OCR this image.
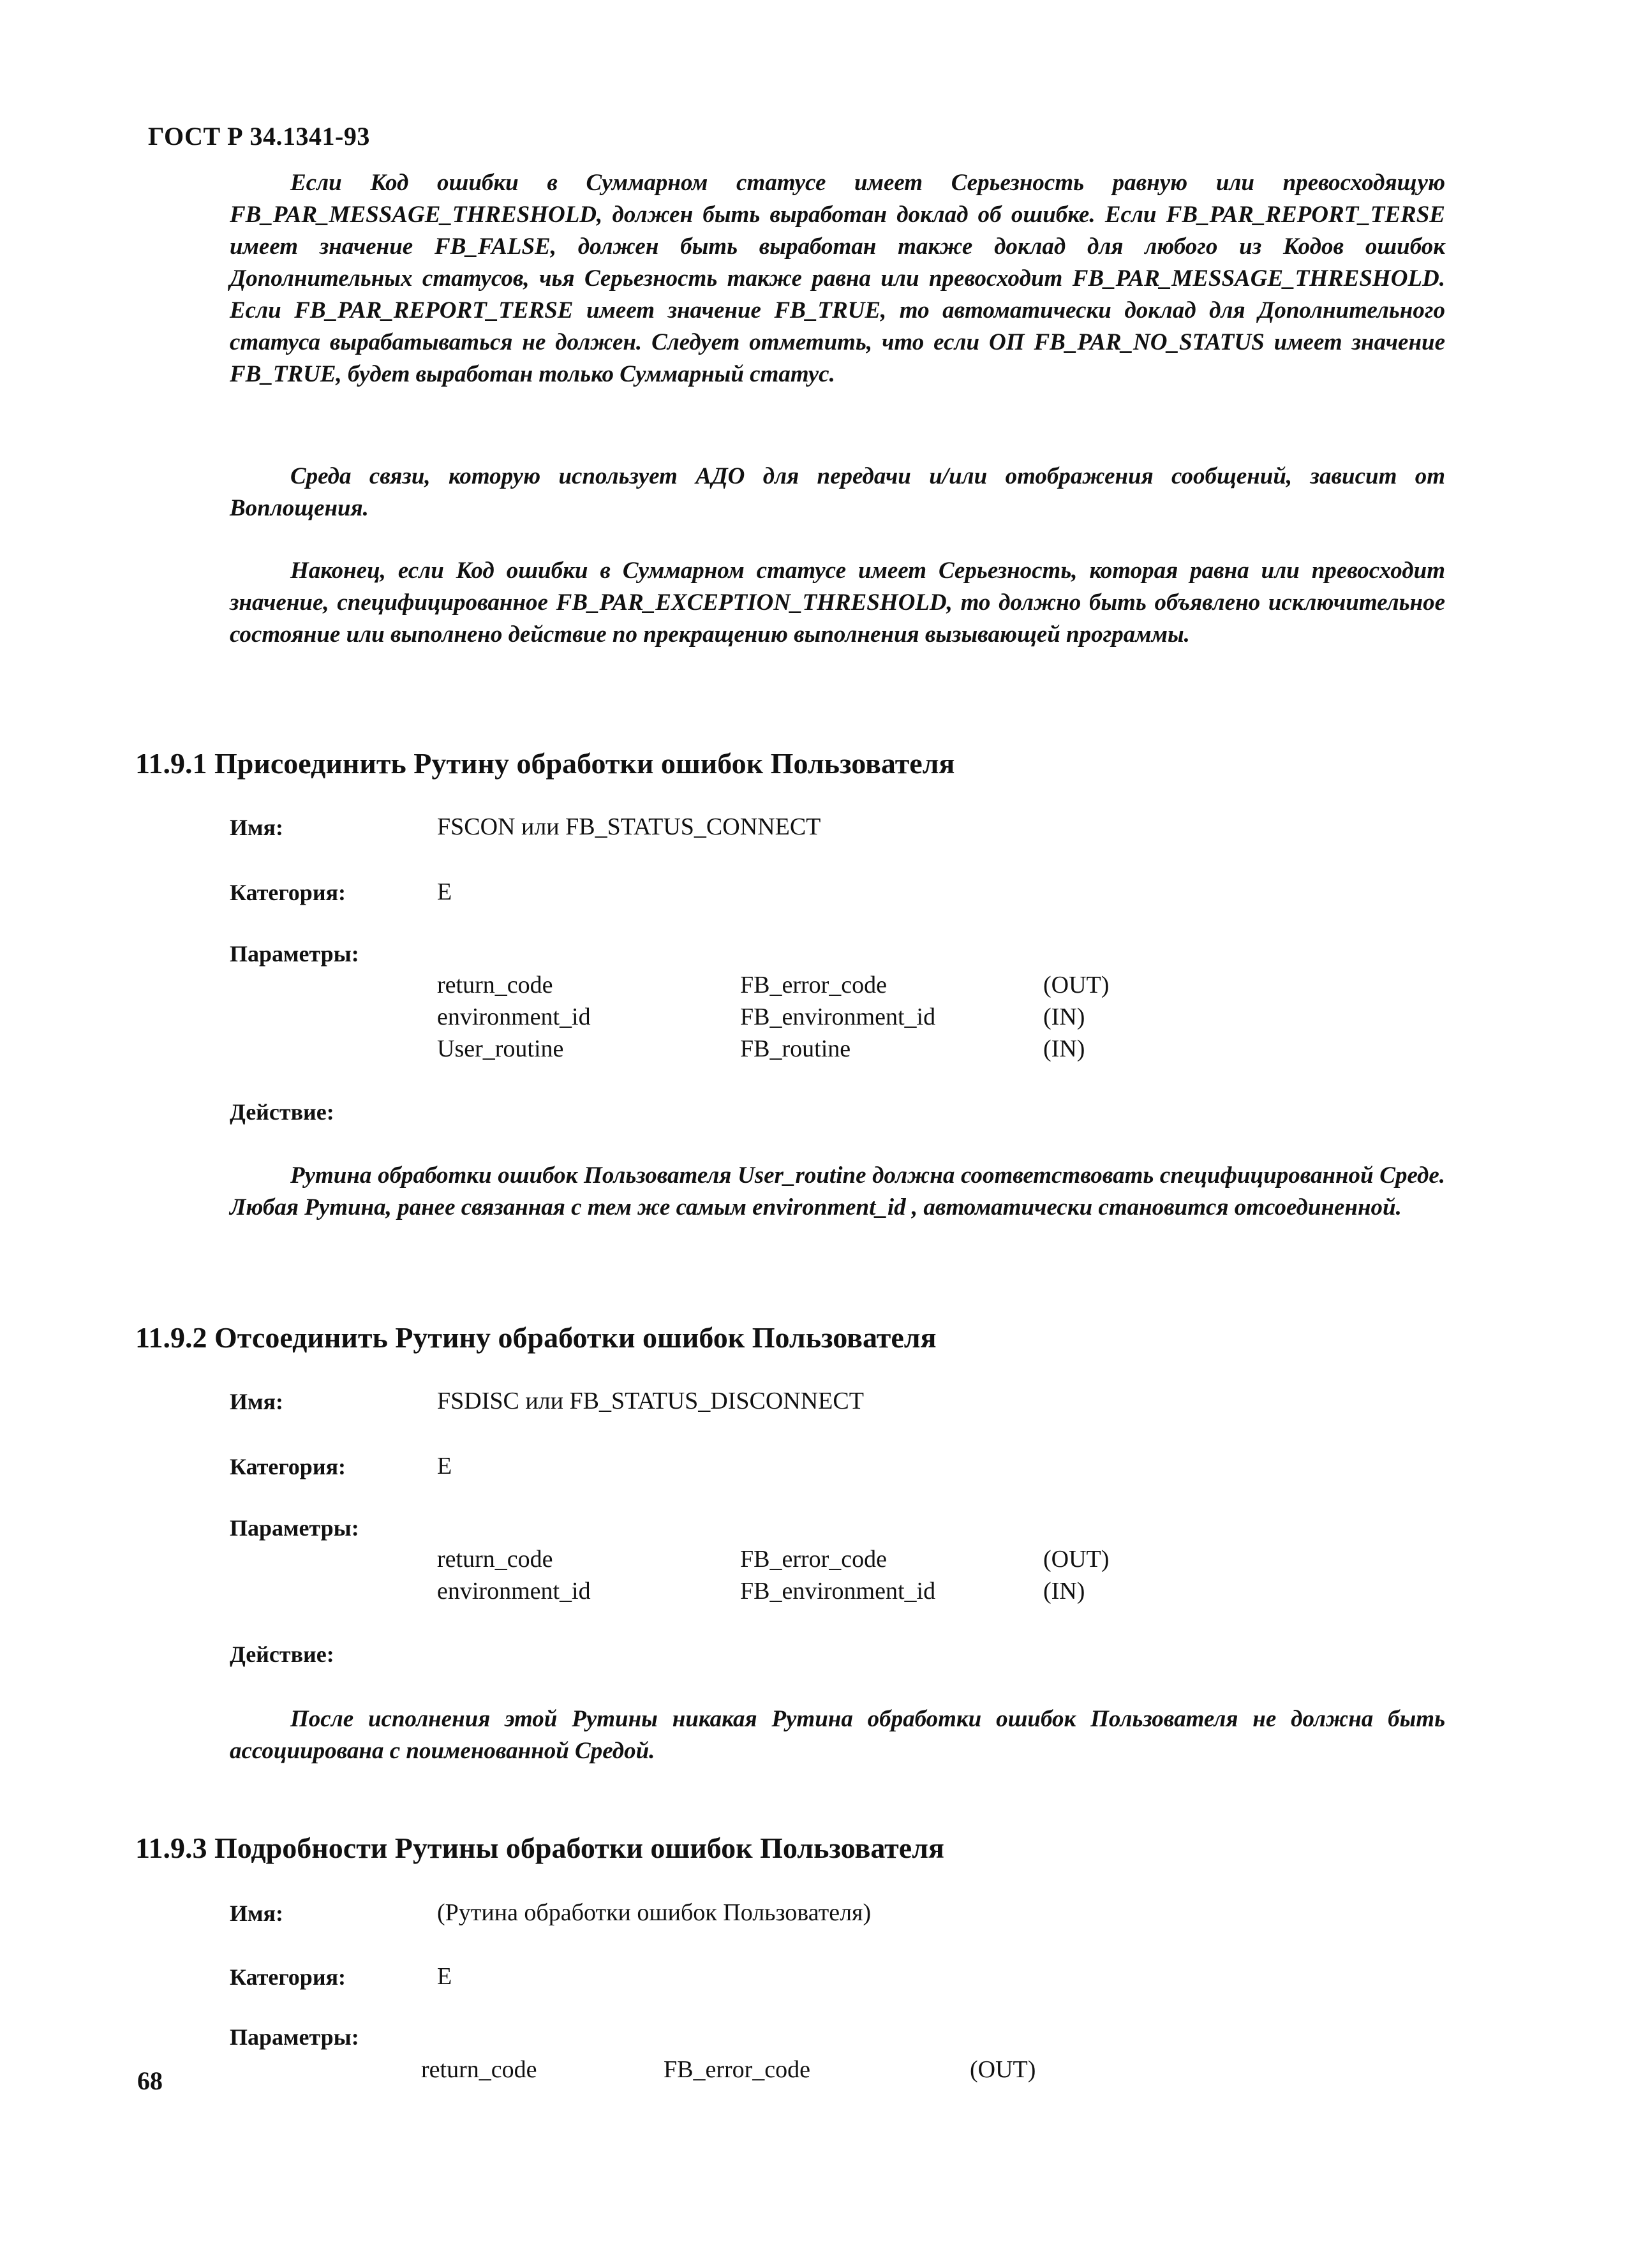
ГОСТ Р 34.1341-93

Если Код ошибки в Суммарном статусе имеет Серьезность равную или превосходящую FB_PAR_MESSAGE_THRESHOLD, должен быть выработан доклад об ошибке. Если FB_PAR_REPORT_TERSE имеет значение FB_FALSE, должен быть выработан также доклад для любого из Кодов ошибок Дополнительных статусов, чья Серьезность также равна или превосходит FB_PAR_MESSAGE_THRESHOLD. Если FB_PAR_REPORT_TERSE имеет значение FB_TRUE, то автоматически доклад для Дополнительного статуса вырабатываться не должен. Следует отметить, что если ОП FB_PAR_NO_STATUS имеет значение FB_TRUE, будет выработан только Суммарный статус.

Среда связи, которую использует АДО для передачи и/или отображения сообщений, зависит от Воплощения.

Наконец, если Код ошибки в Суммарном статусе имеет Серьезность, которая равна или превосходит значение, специфицированное FB_PAR_EXCEPTION_THRESHOLD, то должно быть объявлено исключительное состояние или выполнено действие по прекращению выполнения вызывающей программы.

11.9.1 Присоединить Рутину обработки ошибок Пользователя
Имя:	FSCON или FB_STATUS_CONNECT
Категория:	E
Параметры:
return_code	FB_error_code	(OUT)
environment_id	FB_environment_id	(IN)
User_routine	FB_routine	(IN)
Действие:

Рутина обработки ошибок Пользователя User_routine должна соответствовать специфицированной Среде. Любая Рутина, ранее связанная с тем же самым environment_id , автоматически становится отсоединенной.

11.9.2 Отсоединить Рутину обработки ошибок Пользователя
Имя:	FSDISC или FB_STATUS_DISCONNECT
Категория:	E
Параметры:
return_code	FB_error_code	(OUT)
environment_id	FB_environment_id	(IN)
Действие:

После исполнения этой Рутины никакая Рутина обработки ошибок Пользователя не должна быть ассоциирована с поименованной Средой.

11.9.3 Подробности Рутины обработки ошибок Пользователя
Имя:	(Рутина обработки ошибок Пользователя)
Категория:	E
Параметры:
return_code	FB_error_code	(OUT)
68
